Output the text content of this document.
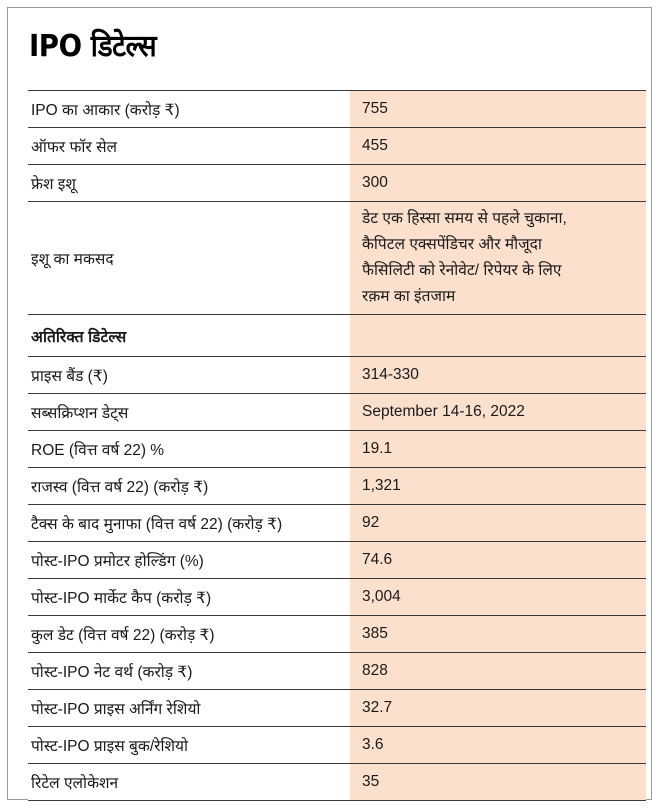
IPO डिटेल्स
IPO का आकार (करोड़ ₹)	755
ऑफर फॉर सेल	455
फ्रेश इशू	300
इशू का मकसद	डेट एक हिस्सा समय से पहले चुकाना,
कैपिटल एक्सपेंडिचर और मौजूदा
फैसिलिटी को रेनोवेट/ रिपेयर के लिए
रक़म का इंतजाम

अतिरिक्त डिटेल्स	
प्राइस बैंड (₹)	314-330
सब्सक्रिप्शन डेट्स	September 14-16, 2022
ROE (वित्त वर्ष 22) %	19.1
राजस्व (वित्त वर्ष 22) (करोड़ ₹)	1,321
टैक्स के बाद मुनाफा (वित्त वर्ष 22) (करोड़ ₹)	92
पोस्ट-IPO प्रमोटर होल्डिंग (%)	74.6
पोस्ट-IPO मार्केट कैप (करोड़ ₹)	3,004
कुल डेट (वित्त वर्ष 22) (करोड़ ₹)	385
पोस्ट-IPO नेट वर्थ (करोड़ ₹)	828
पोस्ट-IPO प्राइस अर्निंग रेशियो	32.7
पोस्ट-IPO प्राइस बुक/रेशियो	3.6
रिटेल एलोकेशन	35
